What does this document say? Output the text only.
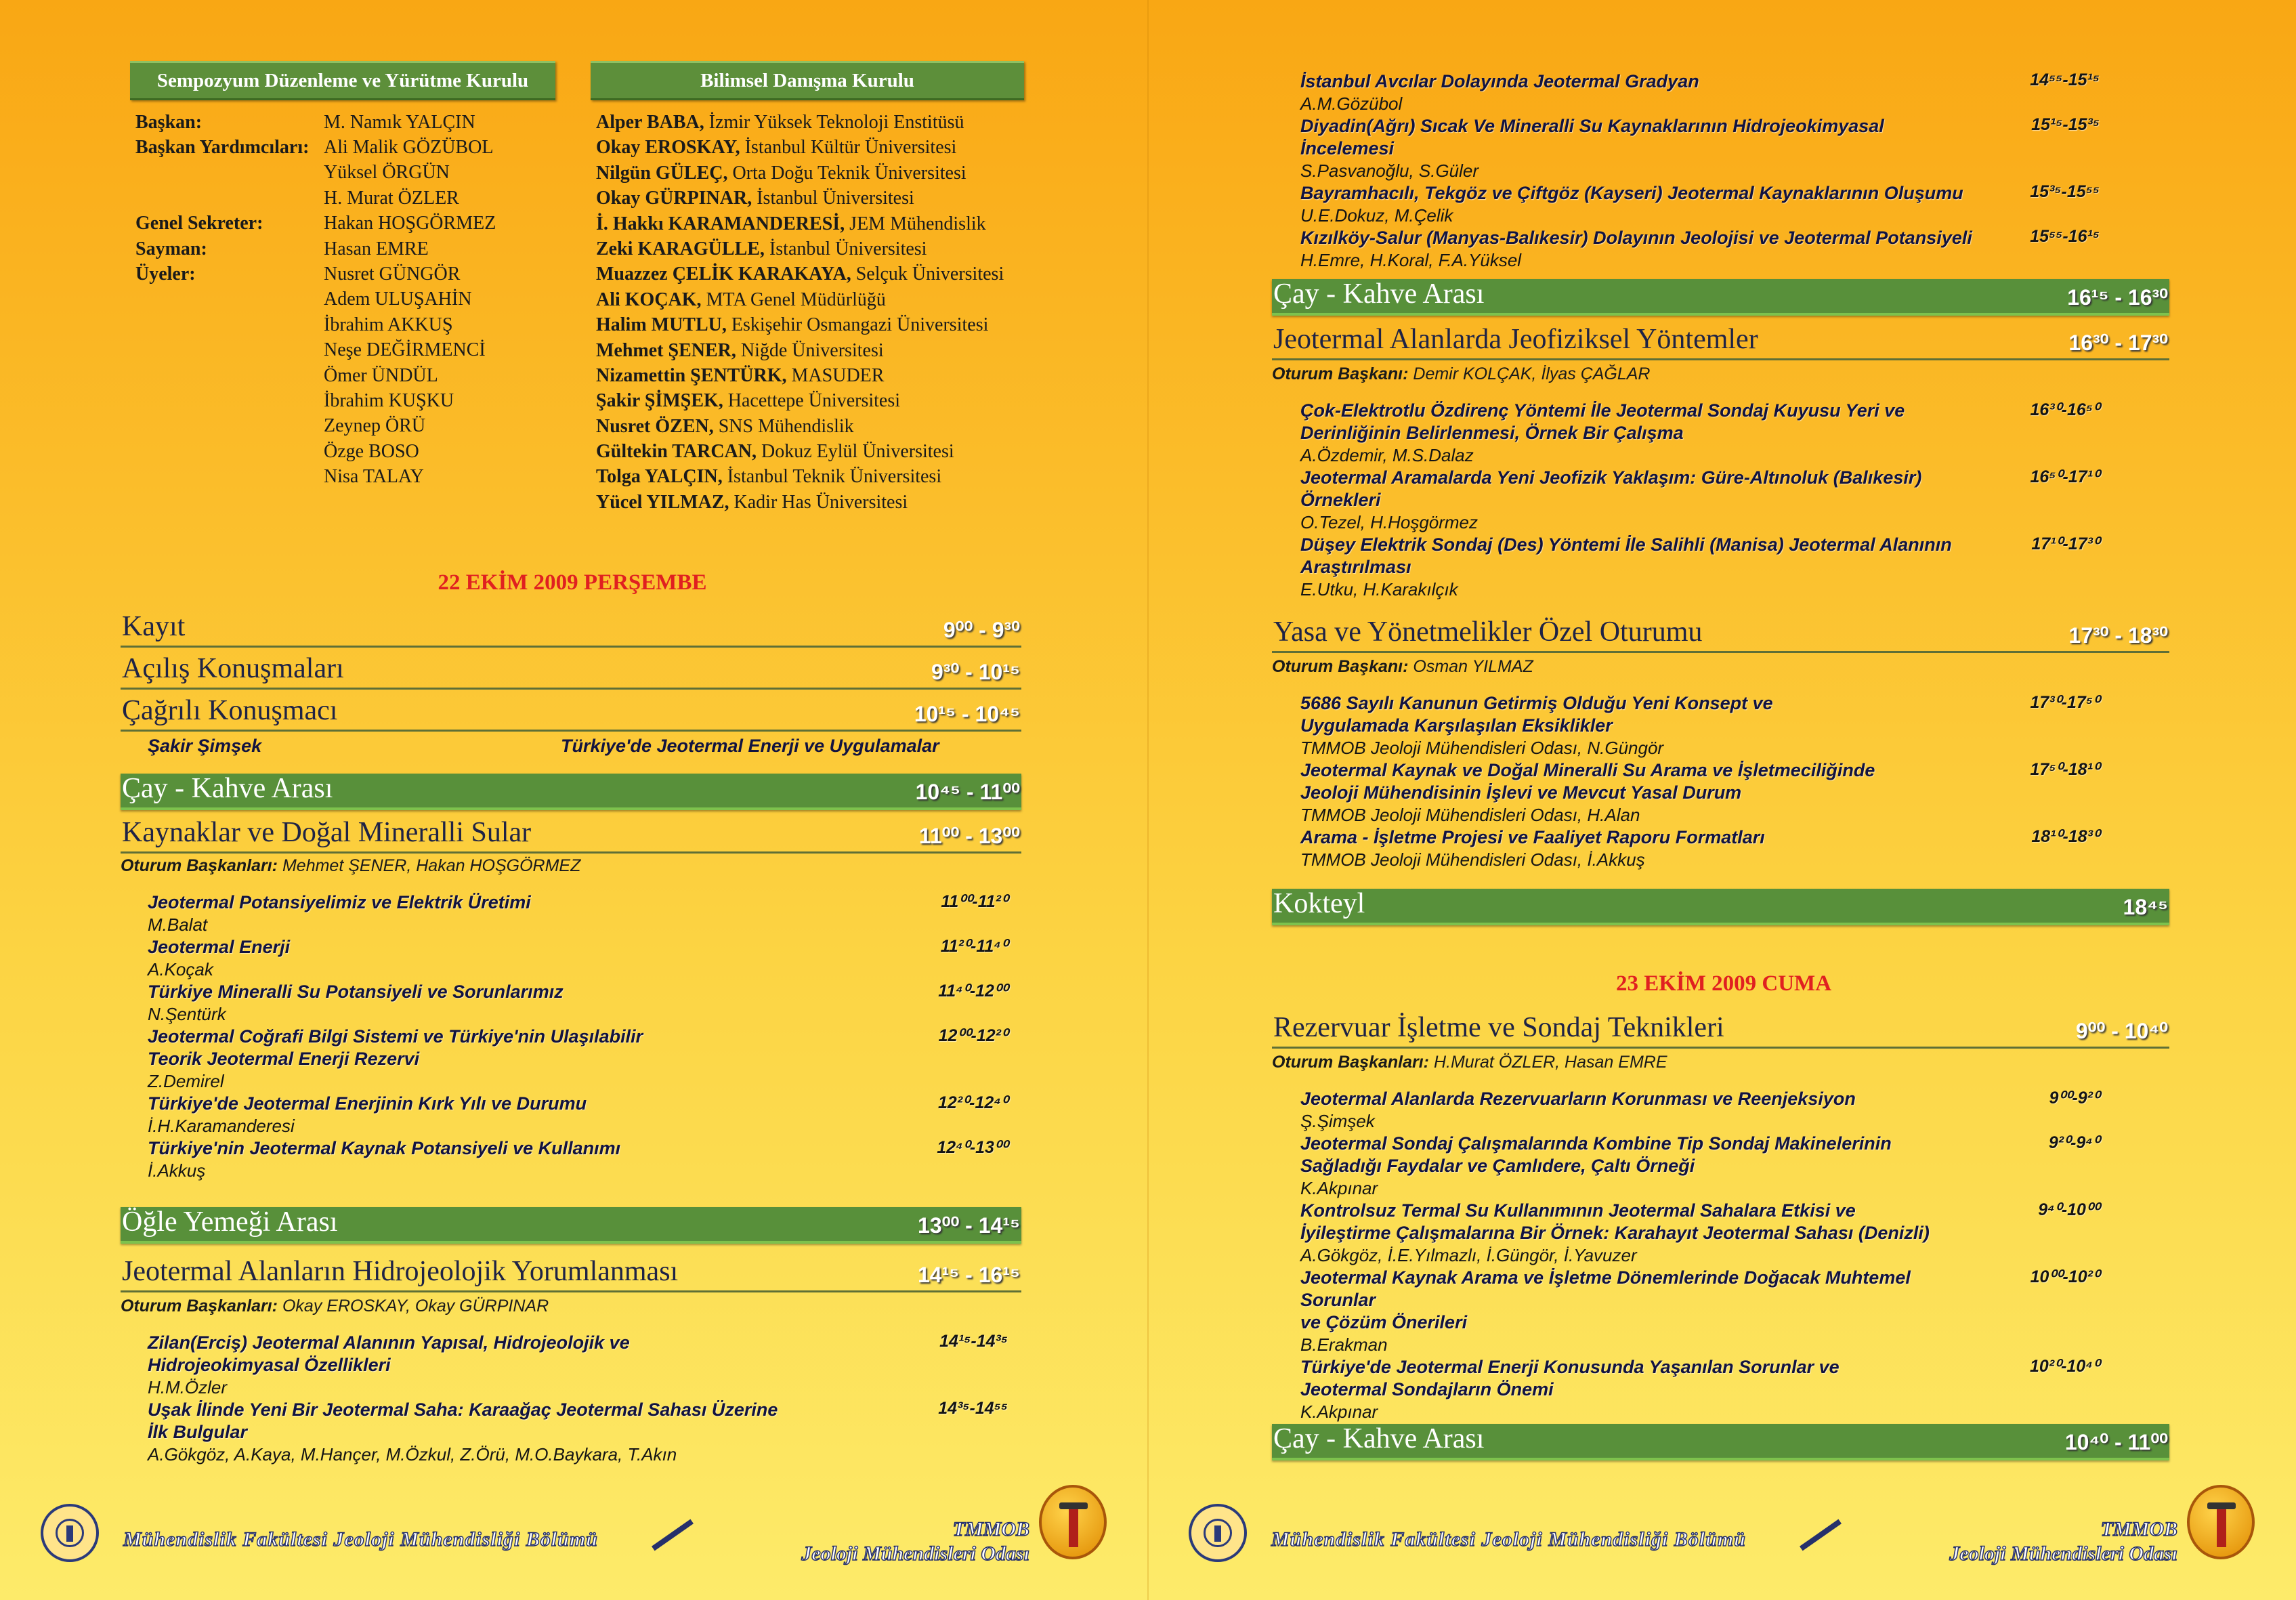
Sempozyum Düzenleme ve Yürütme Kurulu
Başkan:	M. Namık YALÇIN
Başkan Yardımcıları:	Ali Malik GÖZÜBOL
	Yüksel ÖRGÜN
	H. Murat ÖZLER
Genel Sekreter:	Hakan HOŞGÖRMEZ
Sayman:	Hasan EMRE
Üyeler:	Nusret GÜNGÖR
	Adem ULUŞAHİN
	İbrahim AKKUŞ
	Neşe DEĞİRMENCİ
	Ömer ÜNDÜL
	İbrahim KUŞKU
	Zeynep ÖRÜ
	Özge BOSO
	Nisa TALAY
Bilimsel Danışma Kurulu
Alper BABA, İzmir Yüksek Teknoloji Enstitüsü
Okay EROSKAY, İstanbul Kültür Üniversitesi
Nilgün GÜLEÇ, Orta Doğu Teknik Üniversitesi
Okay GÜRPINAR, İstanbul Üniversitesi
İ. Hakkı KARAMANDERESİ, JEM Mühendislik
Zeki KARAGÜLLE, İstanbul Üniversitesi
Muazzez ÇELİK KARAKAYA, Selçuk Üniversitesi
Ali KOÇAK, MTA Genel Müdürlüğü
Halim MUTLU, Eskişehir Osmangazi Üniversitesi
Mehmet ŞENER, Niğde Üniversitesi
Nizamettin ŞENTÜRK, MASUDER
Şakir ŞİMŞEK, Hacettepe Üniversitesi
Nusret ÖZEN, SNS Mühendislik
Gültekin TARCAN, Dokuz Eylül Üniversitesi
Tolga YALÇIN, İstanbul Teknik Üniversitesi
Yücel YILMAZ, Kadir Has Üniversitesi
22 EKİM 2009 PERŞEMBE
Kayıt	9⁰⁰ - 9³⁰
Açılış Konuşmaları	9³⁰ - 10¹⁵
Çağrılı Konuşmacı	10¹⁵ - 10⁴⁵
Şakir Şimşek	Türkiye'de Jeotermal Enerji ve Uygulamalar
Çay - Kahve Arası	10⁴⁵ - 11⁰⁰
Kaynaklar ve Doğal Mineralli Sular	11⁰⁰ - 13⁰⁰
Oturum Başkanları: Mehmet ŞENER, Hakan HOŞGÖRMEZ
Jeotermal Potansiyelimiz ve Elektrik Üretimi
M.Balat
11⁰⁰-11²⁰
Jeotermal Enerji
A.Koçak
11²⁰-11⁴⁰
Türkiye Mineralli Su Potansiyeli ve Sorunlarımız
N.Şentürk
11⁴⁰-12⁰⁰
Jeotermal Coğrafi Bilgi Sistemi ve Türkiye'nin Ulaşılabilir
Teorik Jeotermal Enerji Rezervi
Z.Demirel
12⁰⁰-12²⁰
Türkiye'de Jeotermal Enerjinin Kırk Yılı ve Durumu
İ.H.Karamanderesi
12²⁰-12⁴⁰
Türkiye'nin Jeotermal Kaynak Potansiyeli ve Kullanımı
İ.Akkuş
12⁴⁰-13⁰⁰
Öğle Yemeği Arası	13⁰⁰ - 14¹⁵
Jeotermal Alanların Hidrojeolojik Yorumlanması	14¹⁵ - 16¹⁵
Oturum Başkanları: Okay EROSKAY, Okay GÜRPINAR
Zilan(Erciş) Jeotermal Alanının Yapısal, Hidrojeolojik ve
Hidrojeokimyasal Özellikleri
H.M.Özler
14¹⁵-14³⁵
Uşak İlinde Yeni Bir Jeotermal Saha: Karaağaç Jeotermal Sahası Üzerine
İlk Bulgular
A.Gökgöz, A.Kaya, M.Hançer, M.Özkul, Z.Örü, M.O.Baykara, T.Akın
14³⁵-14⁵⁵
Mühendislik Fakültesi Jeoloji Mühendisliği Bölümü	TMMOB
Jeoloji Mühendisleri Odası
İstanbul Avcılar Dolayında Jeotermal Gradyan
A.M.Gözübol
14⁵⁵-15¹⁵
Diyadin(Ağrı) Sıcak Ve Mineralli Su Kaynaklarının Hidrojeokimyasal İncelemesi
S.Pasvanoğlu, S.Güler
15¹⁵-15³⁵
Bayramhacılı, Tekgöz ve Çiftgöz (Kayseri) Jeotermal Kaynaklarının Oluşumu
U.E.Dokuz, M.Çelik
15³⁵-15⁵⁵
Kızılköy-Salur (Manyas-Balıkesir) Dolayının Jeolojisi ve Jeotermal Potansiyeli
H.Emre, H.Koral, F.A.Yüksel
15⁵⁵-16¹⁵
Çay - Kahve Arası	16¹⁵ - 16³⁰
Jeotermal Alanlarda Jeofiziksel Yöntemler	16³⁰ - 17³⁰
Oturum Başkanı: Demir KOLÇAK, İlyas ÇAĞLAR
Çok-Elektrotlu Özdirenç Yöntemi İle Jeotermal Sondaj Kuyusu Yeri ve
Derinliğinin Belirlenmesi, Örnek Bir Çalışma
A.Özdemir, M.S.Dalaz
16³⁰-16⁵⁰
Jeotermal Aramalarda Yeni Jeofizik Yaklaşım: Güre-Altınoluk (Balıkesir)
Örnekleri
O.Tezel, H.Hoşgörmez
16⁵⁰-17¹⁰
Düşey Elektrik Sondaj (Des) Yöntemi İle Salihli (Manisa) Jeotermal Alanının
Araştırılması
E.Utku, H.Karakılçık
17¹⁰-17³⁰
Yasa ve Yönetmelikler Özel Oturumu	17³⁰ - 18³⁰
Oturum Başkanı: Osman YILMAZ
5686 Sayılı Kanunun Getirmiş Olduğu Yeni Konsept ve
Uygulamada Karşılaşılan Eksiklikler
TMMOB Jeoloji Mühendisleri Odası, N.Güngör
17³⁰-17⁵⁰
Jeotermal Kaynak ve Doğal Mineralli Su Arama ve İşletmeciliğinde
Jeoloji Mühendisinin İşlevi ve Mevcut Yasal Durum
TMMOB Jeoloji Mühendisleri Odası, H.Alan
17⁵⁰-18¹⁰
Arama - İşletme Projesi ve Faaliyet Raporu Formatları
TMMOB Jeoloji Mühendisleri Odası, İ.Akkuş
18¹⁰-18³⁰
Kokteyl	18⁴⁵
23 EKİM 2009 CUMA
Rezervuar İşletme ve Sondaj Teknikleri	9⁰⁰ - 10⁴⁰
Oturum Başkanları: H.Murat ÖZLER, Hasan EMRE
Jeotermal Alanlarda Rezervuarların Korunması ve Reenjeksiyon
Ş.Şimşek
9⁰⁰-9²⁰
Jeotermal Sondaj Çalışmalarında Kombine Tip Sondaj Makinelerinin
Sağladığı Faydalar ve Çamlıdere, Çaltı Örneği
K.Akpınar
9²⁰-9⁴⁰
Kontrolsuz Termal Su Kullanımının Jeotermal Sahalara Etkisi ve
İyileştirme Çalışmalarına Bir Örnek: Karahayıt Jeotermal Sahası (Denizli)
A.Gökgöz, İ.E.Yılmazlı, İ.Güngör, İ.Yavuzer
9⁴⁰-10⁰⁰
Jeotermal Kaynak Arama ve İşletme Dönemlerinde Doğacak Muhtemel Sorunlar
ve Çözüm Önerileri
B.Erakman
10⁰⁰-10²⁰
Türkiye'de Jeotermal Enerji Konusunda Yaşanılan Sorunlar ve
Jeotermal Sondajların Önemi
K.Akpınar
10²⁰-10⁴⁰
Çay - Kahve Arası	10⁴⁰ - 11⁰⁰
Mühendislik Fakültesi Jeoloji Mühendisliği Bölümü	TMMOB
Jeoloji Mühendisleri Odası
